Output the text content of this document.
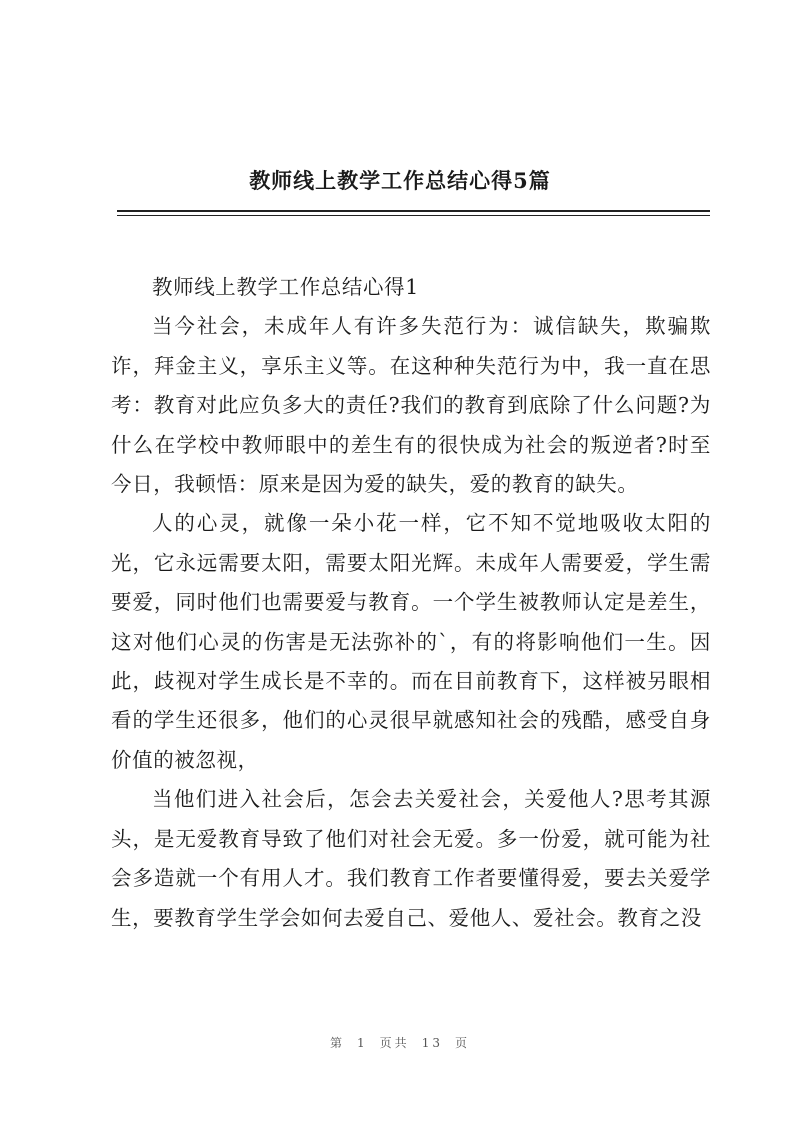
教师线上教学工作总结心得5篇

教师线上教学工作总结心得1

当今社会，未成年人有许多失范行为：诚信缺失，欺骗欺诈，拜金主义，享乐主义等。在这种种失范行为中，我一直在思考：教育对此应负多大的责任?我们的教育到底除了什么问题?为什么在学校中教师眼中的差生有的很快成为社会的叛逆者?时至今日，我顿悟：原来是因为爱的缺失，爱的教育的缺失。

人的心灵，就像一朵小花一样，它不知不觉地吸收太阳的光，它永远需要太阳，需要太阳光辉。未成年人需要爱，学生需要爱，同时他们也需要爱与教育。一个学生被教师认定是差生，这对他们心灵的伤害是无法弥补的`，有的将影响他们一生。因此，歧视对学生成长是不幸的。而在目前教育下，这样被另眼相看的学生还很多，他们的心灵很早就感知社会的残酷，感受自身价值的被忽视，

当他们进入社会后，怎会去关爱社会，关爱他人?思考其源头，是无爱教育导致了他们对社会无爱。多一份爱，就可能为社会多造就一个有用人才。我们教育工作者要懂得爱，要去关爱学生，要教育学生学会如何去爱自己、爱他人、爱社会。教育之没

第 1 页共 13 页
